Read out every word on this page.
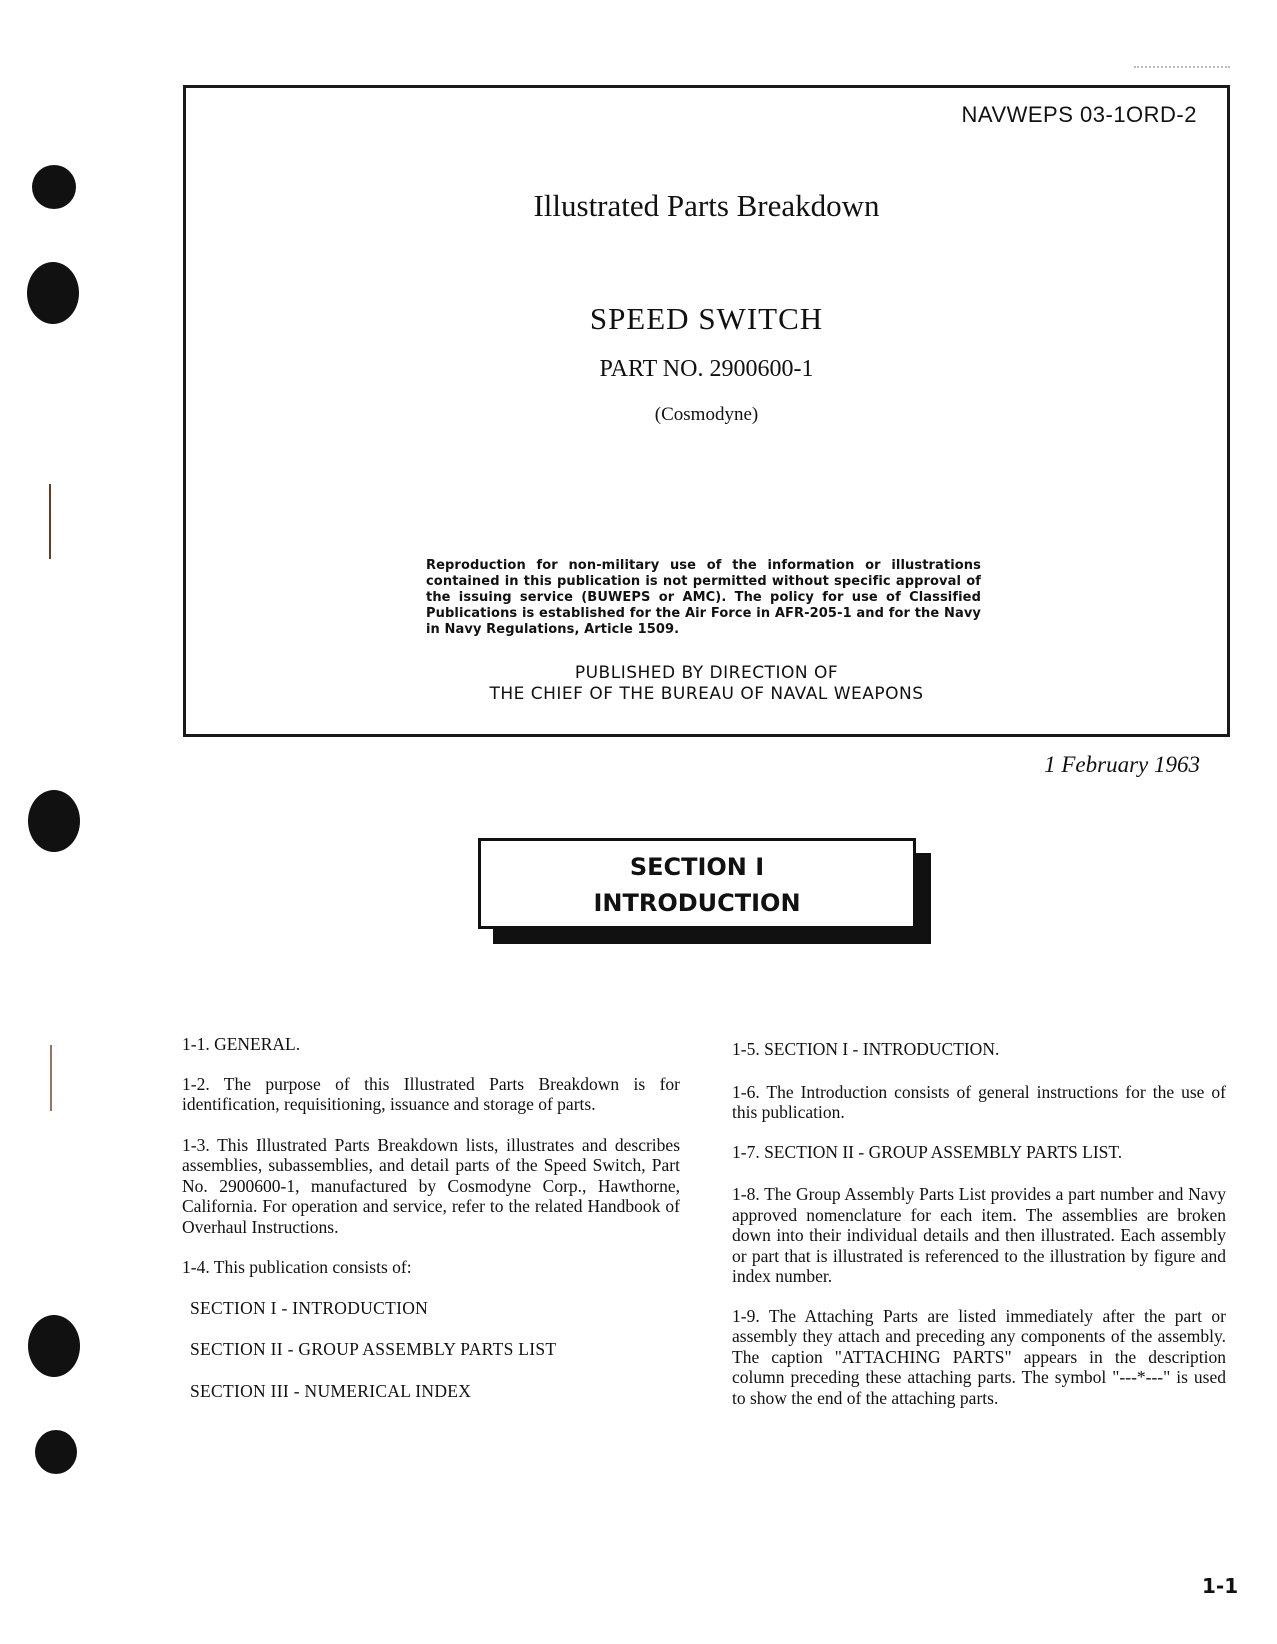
NAVWEPS 03-1ORD-2
Illustrated Parts Breakdown
SPEED SWITCH
PART NO. 2900600-1
(Cosmodyne)
Reproduction for non-military use of the information or illustrations contained in this publication is not permitted without specific approval of the issuing service (BUWEPS or AMC). The policy for use of Classified Publications is established for the Air Force in AFR-205-1 and for the Navy in Navy Regulations, Article 1509.
PUBLISHED BY DIRECTION OF
THE CHIEF OF THE BUREAU OF NAVAL WEAPONS
1 February 1963
SECTION I
INTRODUCTION

1-1. GENERAL.

1-2. The purpose of this Illustrated Parts Breakdown is for identification, requisitioning, issuance and storage of parts.

1-3. This Illustrated Parts Breakdown lists, illustrates and describes assemblies, subassemblies, and detail parts of the Speed Switch, Part No. 2900600-1, manufactured by Cosmodyne Corp., Hawthorne, California. For operation and service, refer to the related Handbook of Overhaul Instructions.

1-4. This publication consists of:

SECTION I - INTRODUCTION

SECTION II - GROUP ASSEMBLY PARTS LIST

SECTION III - NUMERICAL INDEX

1-5. SECTION I - INTRODUCTION.

1-6. The Introduction consists of general instructions for the use of this publication.

1-7. SECTION II - GROUP ASSEMBLY PARTS LIST.

1-8. The Group Assembly Parts List provides a part number and Navy approved nomenclature for each item. The assemblies are broken down into their individual details and then illustrated. Each assembly or part that is illustrated is referenced to the illustration by figure and index number.

1-9. The Attaching Parts are listed immediately after the part or assembly they attach and preceding any components of the assembly. The caption "ATTACHING PARTS" appears in the description column preceding these attaching parts. The symbol "---*---" is used to show the end of the attaching parts.

1-1
